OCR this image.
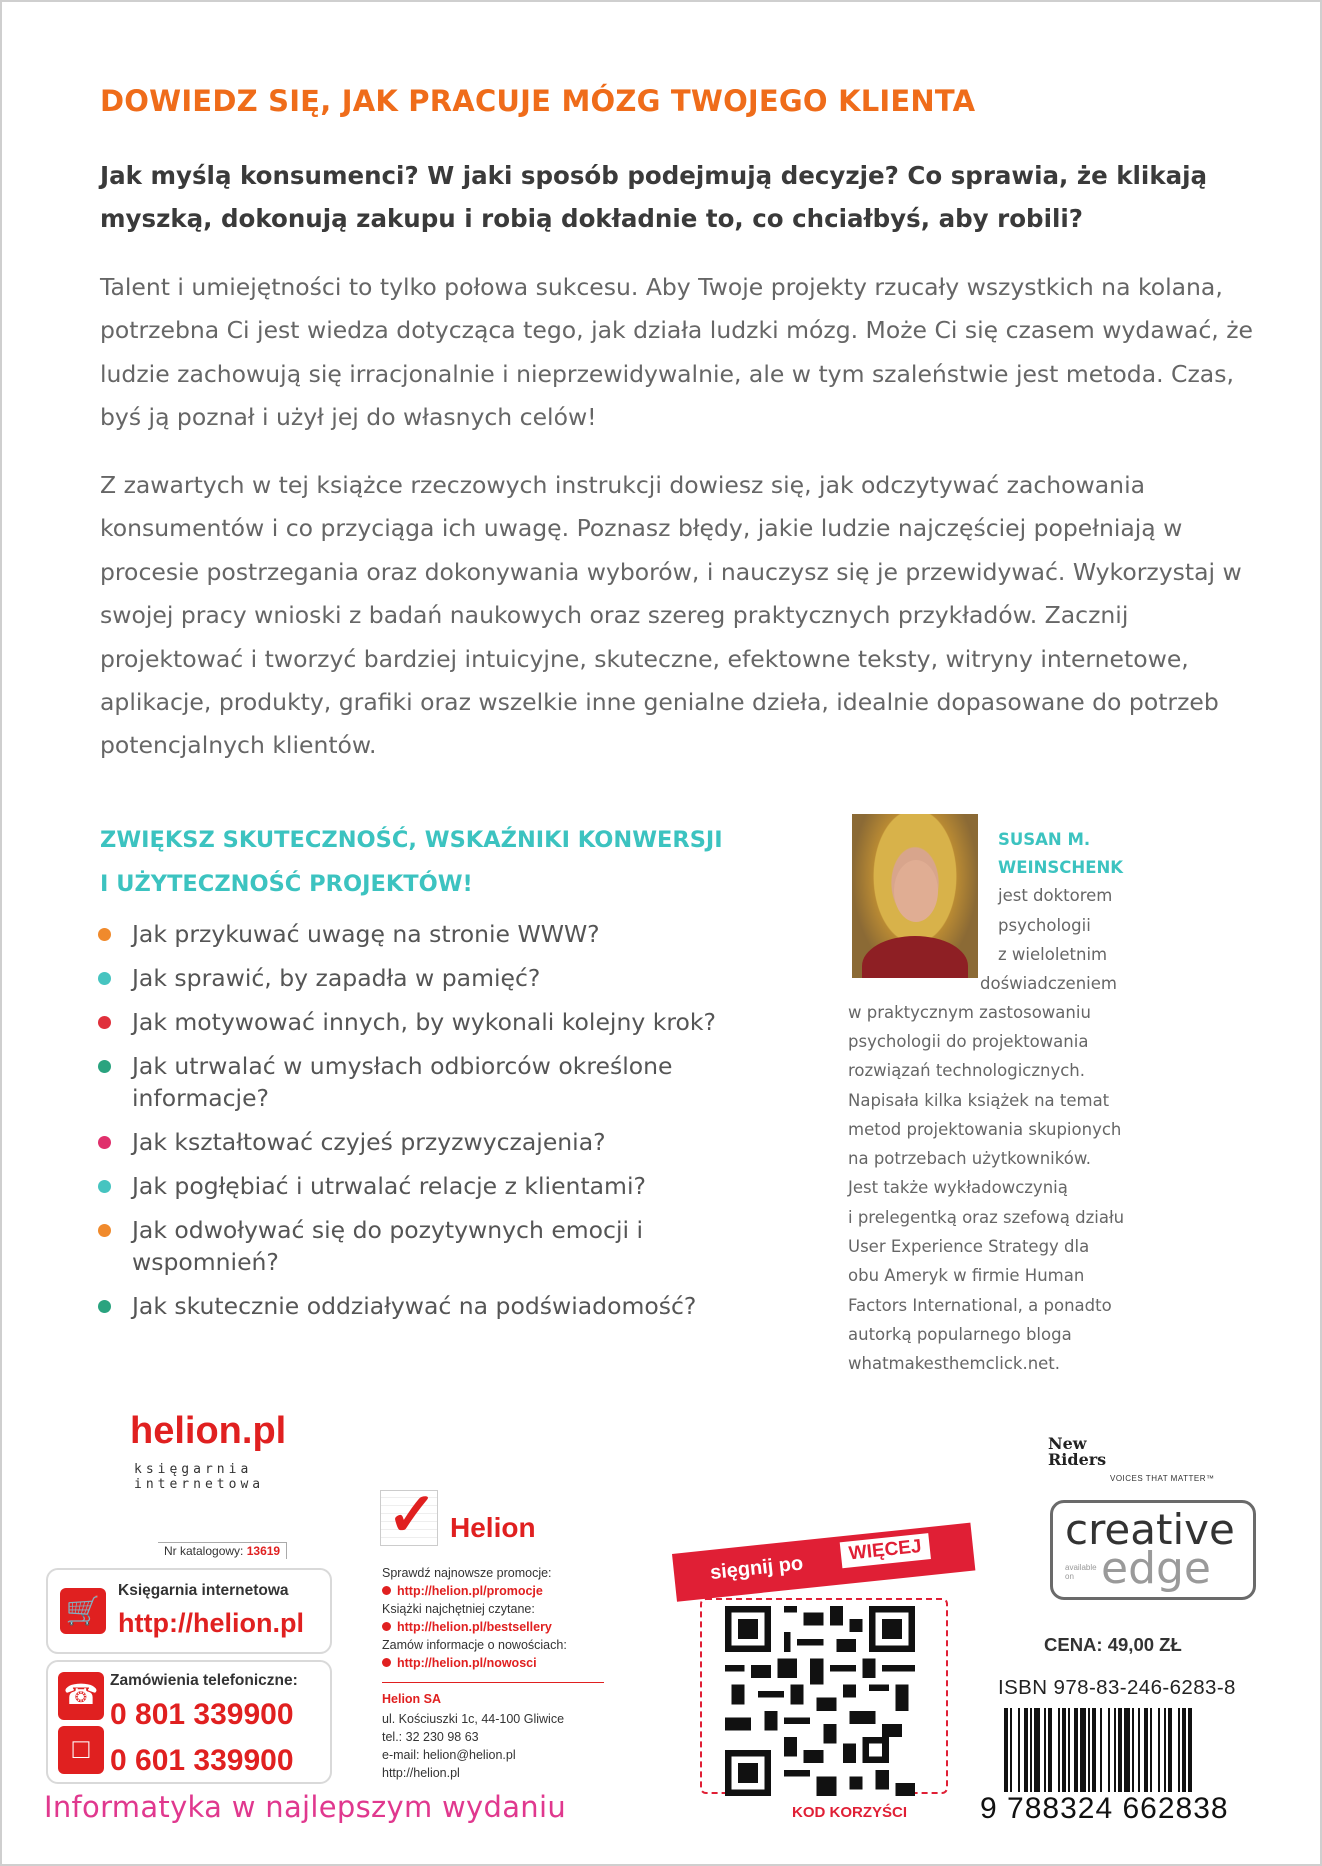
DOWIEDZ SIĘ, JAK PRACUJE MÓZG TWOJEGO KLIENTA

Jak myślą konsumenci? W jaki sposób podejmują decyzje? Co sprawia, że klikają myszką, dokonują zakupu i robią dokładnie to, co chciałbyś, aby robili?

Talent i umiejętności to tylko połowa sukcesu. Aby Twoje projekty rzucały wszystkich na kolana, potrzebna Ci jest wiedza dotycząca tego, jak działa ludzki mózg. Może Ci się czasem wydawać, że ludzie zachowują się irracjonalnie i nieprzewidywalnie, ale w tym szaleństwie jest metoda. Czas, byś ją poznał i użył jej do własnych celów!

Z zawartych w tej książce rzeczowych instrukcji dowiesz się, jak odczytywać zachowania konsumentów i co przyciąga ich uwagę. Poznasz błędy, jakie ludzie najczęściej popełniają w procesie postrzegania oraz dokonywania wyborów, i nauczysz się je przewidywać. Wykorzystaj w swojej pracy wnioski z badań naukowych oraz szereg praktycznych przykładów. Zacznij projektować i tworzyć bardziej intuicyjne, skuteczne, efektowne teksty, witryny internetowe, aplikacje, produkty, grafiki oraz wszelkie inne genialne dzieła, idealnie dopasowane do potrzeb potencjalnych klientów.

ZWIĘKSZ SKUTECZNOŚĆ, WSKAŹNIKI KONWERSJI
I UŻYTECZNOŚĆ PROJEKTÓW!
Jak przykuwać uwagę na stronie WWW?
Jak sprawić, by zapadła w pamięć?
Jak motywować innych, by wykonali kolejny krok?
Jak utrwalać w umysłach odbiorców określone informacje?
Jak kształtować czyjeś przyzwyczajenia?
Jak pogłębiać i utrwalać relacje z klientami?
Jak odwoływać się do pozytywnych emocji i wspomnień?
Jak skutecznie oddziaływać na podświadomość?

SUSAN M.
WEINSCHENK

jest doktorem
psychologii
z wieloletnim
doświadczeniem
w praktycznym zastosowaniu
psychologii do projektowania
rozwiązań technologicznych.
Napisała kilka książek na temat
metod projektowania skupionych
na potrzebach użytkowników.
Jest także wykładowczynią
i prelegentką oraz szefową działu
User Experience Strategy dla
obu Ameryk w firmie Human
Factors International, a ponadto
autorką popularnego bloga
whatmakesthemclick.net.
helion.pl
księgarnia
internetowa
Nr katalogowy: 13619
🛒
Księgarnia internetowa
http://helion.pl
Zamówienia telefoniczne:
☎
0 801 339900
□ 0 601 339900
Informatyka w najlepszym wydaniu
✓ Helion
Sprawdź najnowsze promocje:
http://helion.pl/promocje
Książki najchętniej czytane:
http://helion.pl/bestsellery
Zamów informacje o nowościach:
http://helion.pl/nowosci
Helion SA
ul. Kościuszki 1c, 44-100 Gliwice
tel.: 32 230 98 63
e-mail: helion@helion.pl
http://helion.pl
sięgnij po
WIĘCEJ
KOD KORZYŚCI
New Riders
VOICES THAT MATTER™
creative
available on edge
CENA: 49,00 ZŁ
ISBN 978-83-246-6283-8
9 788324 662838
